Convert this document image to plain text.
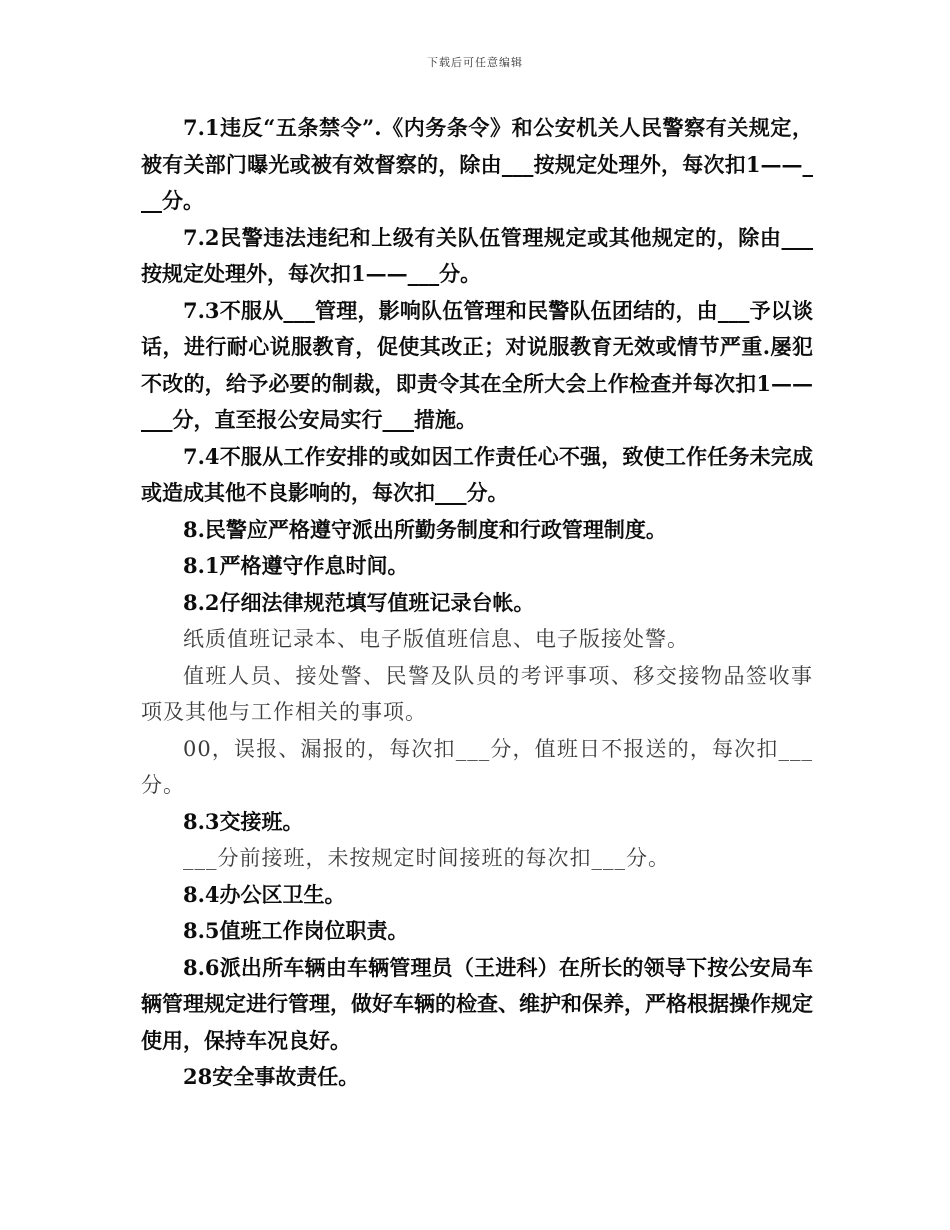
下载后可任意编辑

7.1违反“五条禁令”.《内务条令》和公安机关人民警察有关规定，被有关部门曝光或被有效督察的，除由___按规定处理外，每次扣1——___分。

7.2民警违法违纪和上级有关队伍管理规定或其他规定的，除由___按规定处理外，每次扣1——___分。

7.3不服从___管理，影响队伍管理和民警队伍团结的，由___予以谈话，进行耐心说服教育，促使其改正；对说服教育无效或情节严重.屡犯不改的，给予必要的制裁，即责令其在全所大会上作检查并每次扣1——___分，直至报公安局实行___措施。

7.4不服从工作安排的或如因工作责任心不强，致使工作任务未完成或造成其他不良影响的，每次扣___分。

8.民警应严格遵守派出所勤务制度和行政管理制度。

8.1严格遵守作息时间。

8.2仔细法律规范填写值班记录台帐。

纸质值班记录本、电子版值班信息、电子版接处警。

值班人员、接处警、民警及队员的考评事项、移交接物品签收事项及其他与工作相关的事项。

00，误报、漏报的，每次扣___分，值班日不报送的，每次扣___分。

8.3交接班。

___分前接班，未按规定时间接班的每次扣___分。

8.4办公区卫生。

8.5值班工作岗位职责。

8.6派出所车辆由车辆管理员（王进科）在所长的领导下按公安局车辆管理规定进行管理，做好车辆的检查、维护和保养，严格根据操作规定使用，保持车况良好。

28安全事故责任。
